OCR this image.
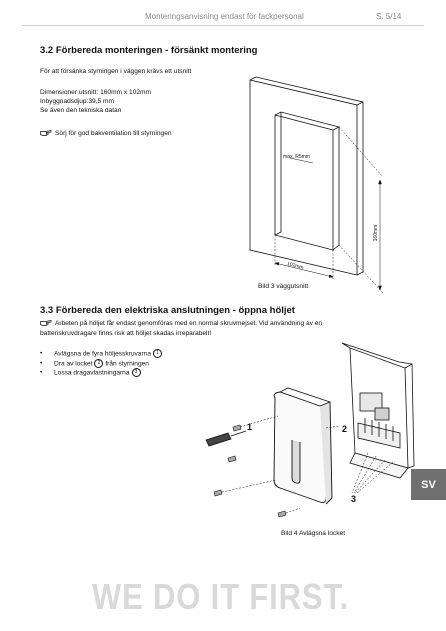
Monteringsanvisning endast för fackpersonal	S. 5/14
3.2 Förbereda monteringen - försänkt montering
För att försänka styrningen i väggen krävs ett utsnitt
Dimensioner utsnitt: 160mm x 102mm
Inbyggnadsdjup:39,5 mm
Se även den tekniska datan
Sörj för god bakventilation till styrningen
max. R5mm
160mm
102mm
Bild 3 väggutsnitt
3.3 Förbereda den elektriska anslutningen - öppna höljet
Arbeten på höljet får endast genomföras med en normal skruvmejsel. Vid användning av en
batteriskruvdragare finns risk att höljet skadas irreparabelt!
• Avlägsna de fyra höljesskruvarna 1
• Dra av locket 2 från styrningen
• Lossa dragavlastningarna 3
1	2
3
Bild 4 Avlägsna locket
SV
WE DO IT FIRST.
